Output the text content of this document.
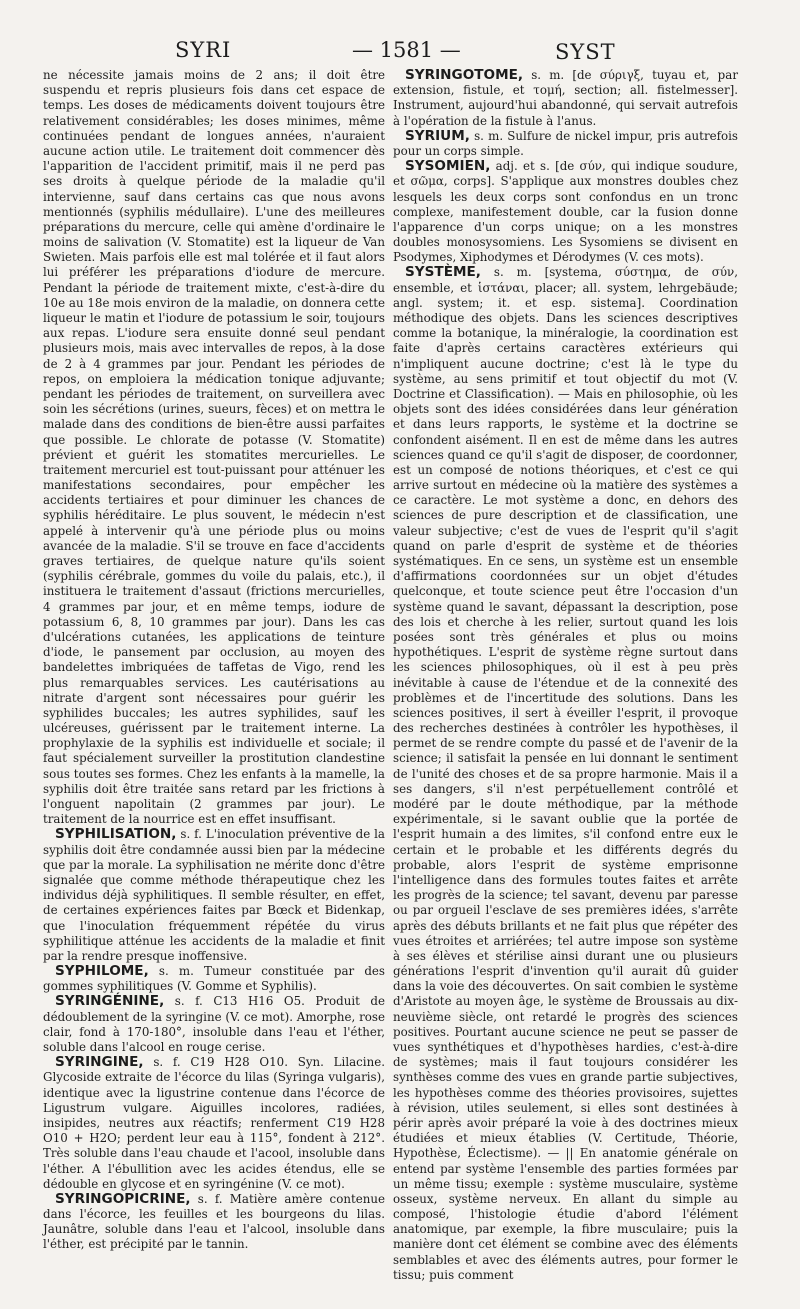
SYRI	— 1581 —	SYST

ne nécessite jamais moins de 2 ans; il doit être suspendu et repris plusieurs fois dans cet espace de temps. Les doses de médicaments doivent toujours être relativement considérables; les doses minimes, même continuées pendant de longues années, n'auraient aucune action utile. Le traitement doit commencer dès l'apparition de l'accident primitif, mais il ne perd pas ses droits à quelque période de la maladie qu'il intervienne, sauf dans certains cas que nous avons mentionnés (syphilis médullaire). L'une des meilleures préparations du mercure, celle qui amène d'ordinaire le moins de salivation (V. Stomatite) est la liqueur de Van Swieten. Mais parfois elle est mal tolérée et il faut alors lui préférer les préparations d'iodure de mercure. Pendant la période de traitement mixte, c'est-à-dire du 10e au 18e mois environ de la maladie, on donnera cette liqueur le matin et l'iodure de potassium le soir, toujours aux repas. L'iodure sera ensuite donné seul pendant plusieurs mois, mais avec intervalles de repos, à la dose de 2 à 4 grammes par jour. Pendant les périodes de repos, on emploiera la médication tonique adjuvante; pendant les périodes de traitement, on surveillera avec soin les sécrétions (urines, sueurs, fèces) et on mettra le malade dans des conditions de bien-être aussi parfaites que possible. Le chlorate de potasse (V. Stomatite) prévient et guérit les stomatites mercurielles. Le traitement mercuriel est tout-puissant pour atténuer les manifestations secondaires, pour empêcher les accidents tertiaires et pour diminuer les chances de syphilis héréditaire. Le plus souvent, le médecin n'est appelé à intervenir qu'à une période plus ou moins avancée de la maladie. S'il se trouve en face d'accidents graves tertiaires, de quelque nature qu'ils soient (syphilis cérébrale, gommes du voile du palais, etc.), il instituera le traitement d'assaut (frictions mercurielles, 4 grammes par jour, et en même temps, iodure de potassium 6, 8, 10 grammes par jour). Dans les cas d'ulcérations cutanées, les applications de teinture d'iode, le pansement par occlusion, au moyen des bandelettes imbriquées de taffetas de Vigo, rend les plus remarquables services. Les cautérisations au nitrate d'argent sont nécessaires pour guérir les syphilides buccales; les autres syphilides, sauf les ulcéreuses, guérissent par le traitement interne. La prophylaxie de la syphilis est individuelle et sociale; il faut spécialement surveiller la prostitution clandestine sous toutes ses formes. Chez les enfants à la mamelle, la syphilis doit être traitée sans retard par les frictions à l'onguent napolitain (2 grammes par jour). Le traitement de la nourrice est en effet insuffisant.

SYPHILISATION, s. f. L'inoculation préventive de la syphilis doit être condamnée aussi bien par la médecine que par la morale. La syphilisation ne mérite donc d'être signalée que comme méthode thérapeutique chez les individus déjà syphilitiques. Il semble résulter, en effet, de certaines expériences faites par Bœck et Bidenkap, que l'inoculation fréquemment répétée du virus syphilitique atténue les accidents de la maladie et finit par la rendre presque inoffensive.

SYPHILOME, s. m. Tumeur constituée par des gommes syphilitiques (V. Gomme et Syphilis).

SYRINGÉNINE, s. f. C13 H16 O5. Produit de dédoublement de la syringine (V. ce mot). Amorphe, rose clair, fond à 170-180°, insoluble dans l'eau et l'éther, soluble dans l'alcool en rouge cerise.

SYRINGINE, s. f. C19 H28 O10. Syn. Lilacine. Glycoside extraite de l'écorce du lilas (Syringa vulgaris), identique avec la ligustrine contenue dans l'écorce de Ligustrum vulgare. Aiguilles incolores, radiées, insipides, neutres aux réactifs; renferment C19 H28 O10 + H2O; perdent leur eau à 115°, fondent à 212°. Très soluble dans l'eau chaude et l'acool, insoluble dans l'éther. A l'ébullition avec les acides étendus, elle se dédouble en glycose et en syringénine (V. ce mot).

SYRINGOPICRINE, s. f. Matière amère contenue dans l'écorce, les feuilles et les bourgeons du lilas. Jaunâtre, soluble dans l'eau et l'alcool, insoluble dans l'éther, est précipité par le tannin.

SYRINGOTOME, s. m. [de σύριγξ, tuyau et, par extension, fistule, et τομή, section; all. fistelmesser]. Instrument, aujourd'hui abandonné, qui servait autrefois à l'opération de la fistule à l'anus.

SYRIUM, s. m. Sulfure de nickel impur, pris autrefois pour un corps simple.

SYSOMIEN, adj. et s. [de σύν, qui indique soudure, et σῶμα, corps]. S'applique aux monstres doubles chez lesquels les deux corps sont confondus en un tronc complexe, manifestement double, car la fusion donne l'apparence d'un corps unique; on a les monstres doubles monosysomiens. Les Sysomiens se divisent en Psodymes, Xiphodymes et Dérodymes (V. ces mots).

SYSTÈME, s. m. [systema, σύστημα, de σύν, ensemble, et ἱστάναι, placer; all. system, lehrgebäude; angl. system; it. et esp. sistema]. Coordination méthodique des objets. Dans les sciences descriptives comme la botanique, la minéralogie, la coordination est faite d'après certains caractères extérieurs qui n'impliquent aucune doctrine; c'est là le type du système, au sens primitif et tout objectif du mot (V. Doctrine et Classification). — Mais en philosophie, où les objets sont des idées considérées dans leur génération et dans leurs rapports, le système et la doctrine se confondent aisément. Il en est de même dans les autres sciences quand ce qu'il s'agit de disposer, de coordonner, est un composé de notions théoriques, et c'est ce qui arrive surtout en médecine où la matière des systèmes a ce caractère. Le mot système a donc, en dehors des sciences de pure description et de classification, une valeur subjective; c'est de vues de l'esprit qu'il s'agit quand on parle d'esprit de système et de théories systématiques. En ce sens, un système est un ensemble d'affirmations coordonnées sur un objet d'études quelconque, et toute science peut être l'occasion d'un système quand le savant, dépassant la description, pose des lois et cherche à les relier, surtout quand les lois posées sont très générales et plus ou moins hypothétiques. L'esprit de système règne surtout dans les sciences philosophiques, où il est à peu près inévitable à cause de l'étendue et de la connexité des problèmes et de l'incertitude des solutions. Dans les sciences positives, il sert à éveiller l'esprit, il provoque des recherches destinées à contrôler les hypothèses, il permet de se rendre compte du passé et de l'avenir de la science; il satisfait la pensée en lui donnant le sentiment de l'unité des choses et de sa propre harmonie. Mais il a ses dangers, s'il n'est perpétuellement contrôlé et modéré par le doute méthodique, par la méthode expérimentale, si le savant oublie que la portée de l'esprit humain a des limites, s'il confond entre eux le certain et le probable et les différents degrés du probable, alors l'esprit de système emprisonne l'intelligence dans des formules toutes faites et arrête les progrès de la science; tel savant, devenu par paresse ou par orgueil l'esclave de ses premières idées, s'arrête après des débuts brillants et ne fait plus que répéter des vues étroites et arriérées; tel autre impose son système à ses élèves et stérilise ainsi durant une ou plusieurs générations l'esprit d'invention qu'il aurait dû guider dans la voie des découvertes. On sait combien le système d'Aristote au moyen âge, le système de Broussais au dix-neuvième siècle, ont retardé le progrès des sciences positives. Pourtant aucune science ne peut se passer de vues synthétiques et d'hypothèses hardies, c'est-à-dire de systèmes; mais il faut toujours considérer les synthèses comme des vues en grande partie subjectives, les hypothèses comme des théories provisoires, sujettes à révision, utiles seulement, si elles sont destinées à périr après avoir préparé la voie à des doctrines mieux étudiées et mieux établies (V. Certitude, Théorie, Hypothèse, Éclectisme). — || En anatomie générale on entend par système l'ensemble des parties formées par un même tissu; exemple : système musculaire, système osseux, système nerveux. En allant du simple au composé, l'histologie étudie d'abord l'élément anatomique, par exemple, la fibre musculaire; puis la manière dont cet élément se combine avec des éléments semblables et avec des éléments autres, pour former le tissu; puis comment
